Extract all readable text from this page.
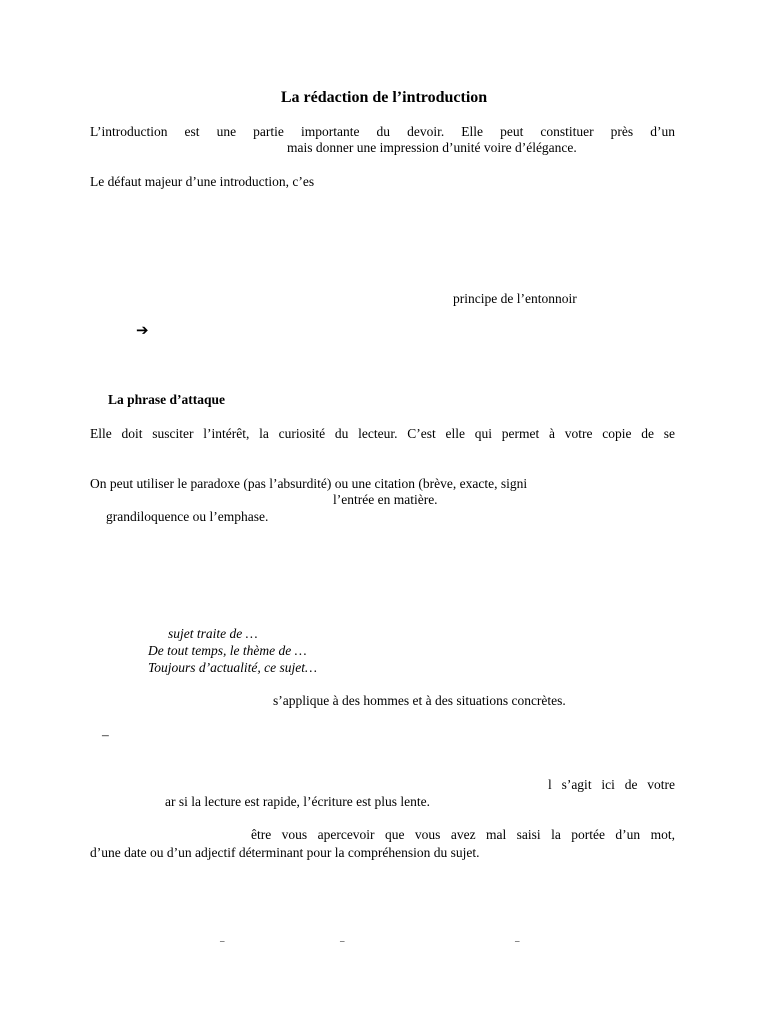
La rédaction de l’introduction
L’introduction est une partie importante du devoir. Elle peut constituer près d’un
mais donner une impression d’unité voire d’élégance.
Le défaut majeur d’une introduction, c’es
principe de l’entonnoir
➔
La phrase d’attaque
Elle doit susciter l’intérêt, la curiosité du lecteur. C’est elle qui permet à votre copie de se
On peut utiliser le paradoxe (pas l’absurdité) ou une citation (brève, exacte, signi
l’entrée en matière.
grandiloquence ou l’emphase.
sujet traite de …
De tout temps, le thème de …
Toujours d’actualité, ce sujet…
s’applique à des hommes et à des situations concrètes.
–
l s’agit ici de votre
ar si la lecture est rapide, l’écriture est plus lente.
être vous apercevoir que vous avez mal saisi la portée d’un mot,
d’une date ou d’un adjectif déterminant pour la compréhension du sujet.
–	–	–
